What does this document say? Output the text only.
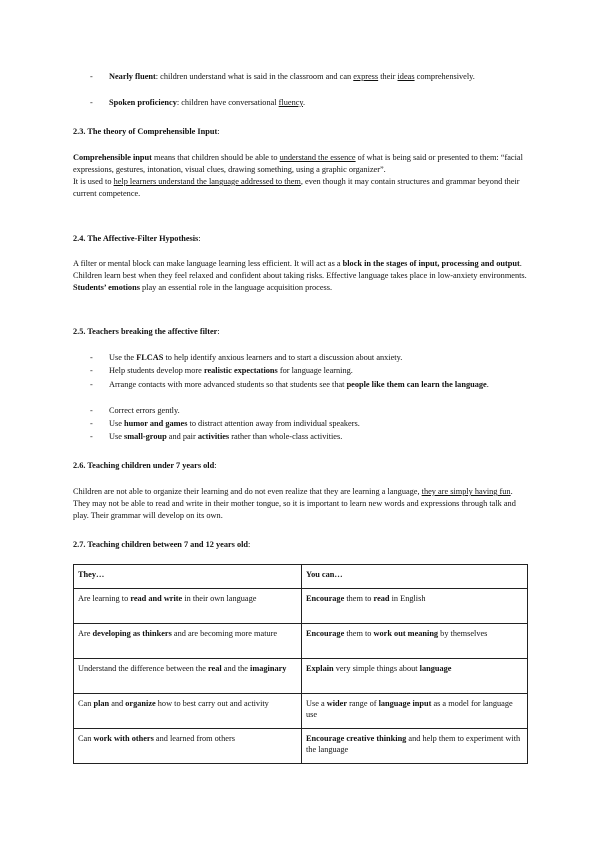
- Nearly fluent: children understand what is said in the classroom and can express their ideas comprehensively.
- Spoken proficiency: children have conversational fluency.
2.3. The theory of Comprehensible Input:
Comprehensible input means that children should be able to understand the essence of what is being said or presented to them: “facial expressions, gestures, intonation, visual clues, drawing something, using a graphic organizer”.
It is used to help learners understand the language addressed to them, even though it may contain structures and grammar beyond their current competence.
2.4. The Affective-Filter Hypothesis:
A filter or mental block can make language learning less efficient. It will act as a block in the stages of input, processing and output.
Children learn best when they feel relaxed and confident about taking risks. Effective language takes place in low-anxiety environments. Students’ emotions play an essential role in the language acquisition process.
2.5. Teachers breaking the affective filter:
- Use the FLCAS to help identify anxious learners and to start a discussion about anxiety.
- Help students develop more realistic expectations for language learning.
- Arrange contacts with more advanced students so that students see that people like them can learn the language.
- Correct errors gently.
- Use humor and games to distract attention away from individual speakers.
- Use small-group and pair activities rather than whole-class activities.
2.6. Teaching children under 7 years old:
Children are not able to organize their learning and do not even realize that they are learning a language, they are simply having fun. They may not be able to read and write in their mother tongue, so it is important to learn new words and expressions through talk and play. Their grammar will develop on its own.
2.7. Teaching children between 7 and 12 years old:
They…	You can…
Are learning to read and write in their own language	Encourage them to read in English
Are developing as thinkers and are becoming more mature	Encourage them to work out meaning by themselves
Understand the difference between the real and the imaginary	Explain very simple things about language
Can plan and organize how to best carry out and activity	Use a wider range of language input as a model for language use
Can work with others and learned from others	Encourage creative thinking and help them to experiment with the language
